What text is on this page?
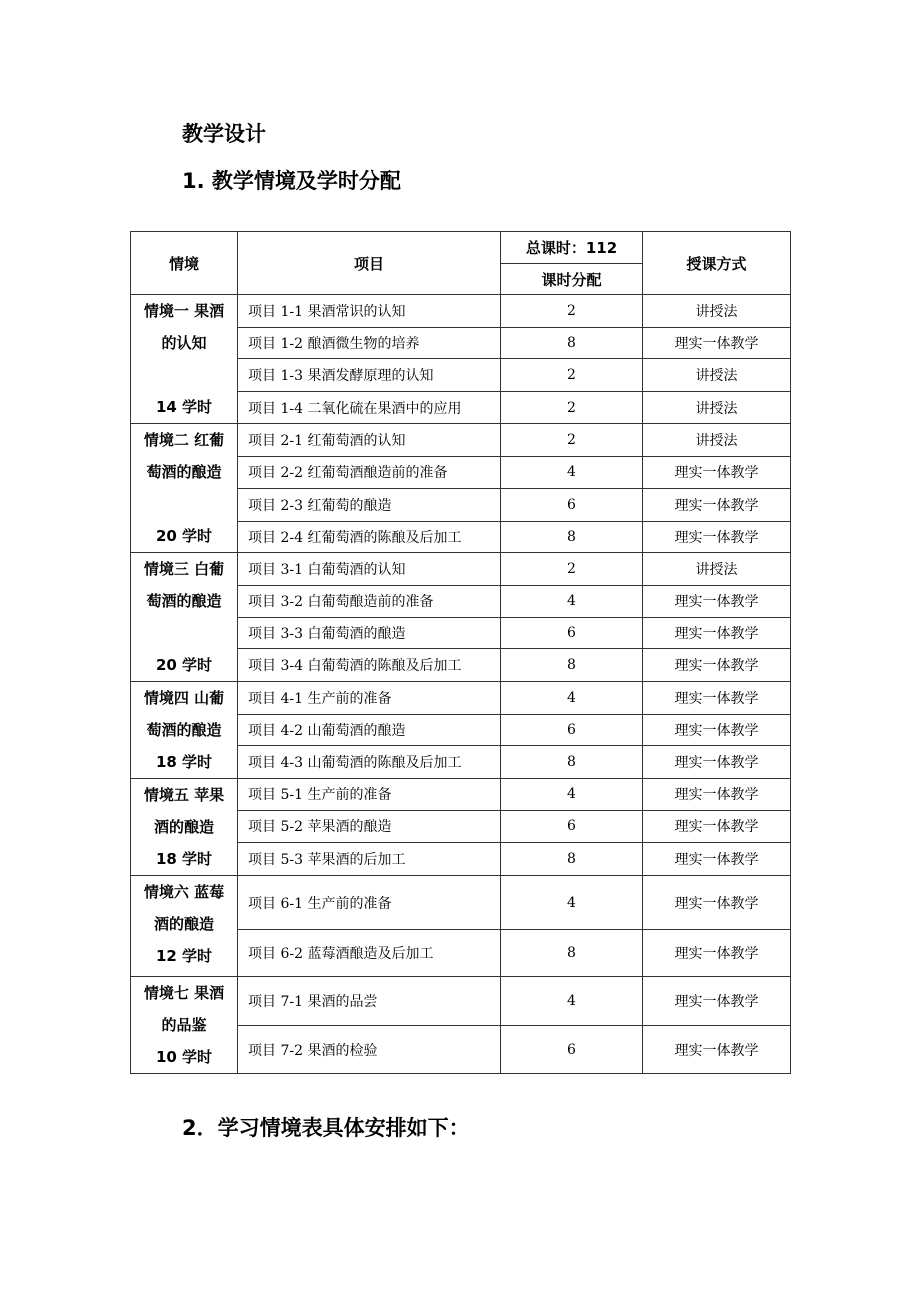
教学设计
1. 教学情境及学时分配
情境	项目	总课时：112	授课方式
		课时分配	

情境一 果酒
的认知

14 学时	项目 1-1 果酒常识的认知	2	讲授法
	项目 1-2 酿酒微生物的培养	8	理实一体教学
	项目 1-3 果酒发酵原理的认知	2	讲授法
	项目 1-4 二氧化硫在果酒中的应用	2	讲授法

情境二 红葡
萄酒的酿造

20 学时	项目 2-1 红葡萄酒的认知	2	讲授法
	项目 2-2 红葡萄酒酿造前的准备	4	理实一体教学
	项目 2-3 红葡萄的酿造	6	理实一体教学
	项目 2-4 红葡萄酒的陈酿及后加工	8	理实一体教学

情境三 白葡
萄酒的酿造

20 学时	项目 3-1 白葡萄酒的认知	2	讲授法
	项目 3-2 白葡萄酿造前的准备	4	理实一体教学
	项目 3-3 白葡萄酒的酿造	6	理实一体教学
	项目 3-4 白葡萄酒的陈酿及后加工	8	理实一体教学

情境四 山葡
萄酒的酿造
18 学时	项目 4-1 生产前的准备	4	理实一体教学
	项目 4-2 山葡萄酒的酿造	6	理实一体教学
	项目 4-3 山葡萄酒的陈酿及后加工	8	理实一体教学

情境五 苹果
酒的酿造
18 学时	项目 5-1 生产前的准备	4	理实一体教学
	项目 5-2 苹果酒的酿造	6	理实一体教学
	项目 5-3 苹果酒的后加工	8	理实一体教学

情境六 蓝莓
酒的酿造
12 学时	项目 6-1 生产前的准备	4	理实一体教学
	项目 6-2 蓝莓酒酿造及后加工	8	理实一体教学

情境七 果酒
的品鉴
10 学时	项目 7-1 果酒的品尝	4	理实一体教学
	项目 7-2 果酒的检验	6	理实一体教学
2．学习情境表具体安排如下：
